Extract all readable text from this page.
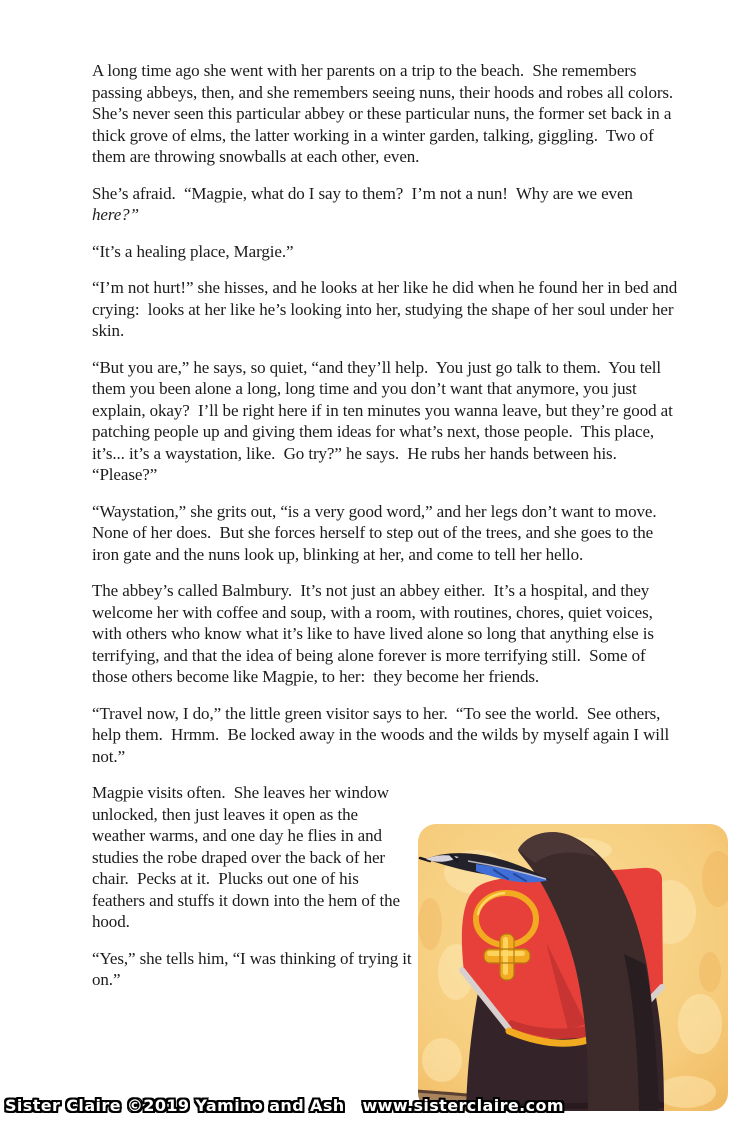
A long time ago she went with her parents on a trip to the beach.  She remembers passing abbeys, then, and she remembers seeing nuns, their hoods and robes all colors.  She’s never seen this particular abbey or these particular nuns, the former set back in a thick grove of elms, the latter working in a winter garden, talking, giggling.  Two of them are throwing snowballs at each other, even.

She’s afraid.  “Magpie, what do I say to them?  I’m not a nun!  Why are we even here?”

“It’s a healing place, Margie.”

“I’m not hurt!” she hisses, and he looks at her like he did when he found her in bed and crying:  looks at her like he’s looking into her, studying the shape of her soul under her skin.

“But you are,” he says, so quiet, “and they’ll help.  You just go talk to them.  You tell them you been alone a long, long time and you don’t want that anymore, you just explain, okay?  I’ll be right here if in ten minutes you wanna leave, but they’re good at patching people up and giving them ideas for what’s next, those people.  This place, it’s... it’s a waystation, like.  Go try?” he says.  He rubs her hands between his.  “Please?”

“Waystation,” she grits out, “is a very good word,” and her legs don’t want to move.  None of her does.  But she forces herself to step out of the trees, and she goes to the iron gate and the nuns look up, blinking at her, and come to tell her hello.

The abbey’s called Balmbury.  It’s not just an abbey either.  It’s a hospital, and they welcome her with coffee and soup, with a room, with routines, chores, quiet voices, with others who know what it’s like to have lived alone so long that anything else is terrifying, and that the idea of being alone forever is more terrifying still.  Some of those others become like Magpie, to her:  they become her friends.

“Travel now, I do,” the little green visitor says to her.  “To see the world.  See others, help them.  Hrmm.  Be locked away in the woods and the wilds by myself again I will not.”

Magpie visits often.  She leaves her window unlocked, then just leaves it open as the weather warms, and one day he flies in and studies the robe draped over the back of her chair.  Pecks at it.  Plucks out one of his feathers and stuffs it down into the hem of the hood.

“Yes,” she tells him, “I was thinking of trying it on.”

Sister Claire ©2019 Yamino and Ash   www.sisterclaire.com
